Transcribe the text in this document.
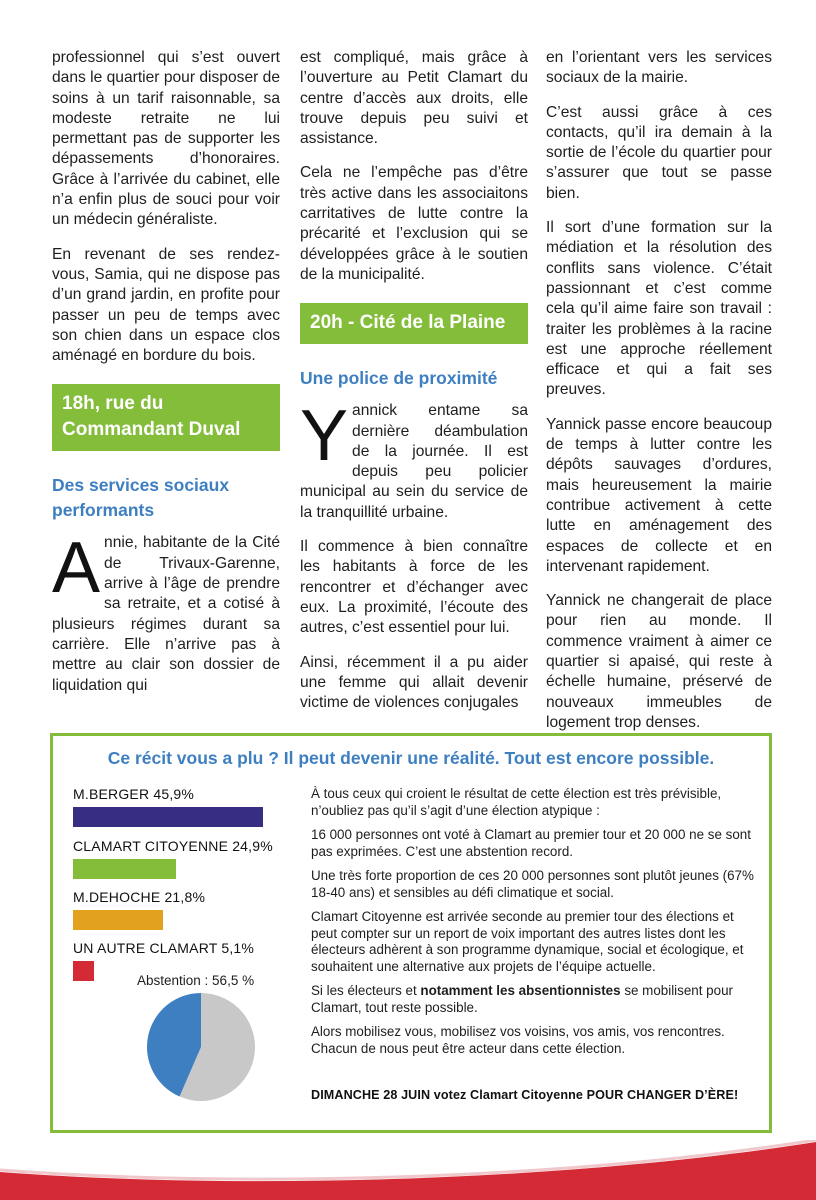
professionnel qui s’est ouvert dans le quartier pour disposer de soins à un tarif raisonnable, sa modeste retraite ne lui permettant pas de supporter les dépassements d’honoraires. Grâce à l’arrivée du cabinet, elle n’a enfin plus de souci pour voir un médecin généraliste.

En revenant de ses rendez-vous, Samia, qui ne dispose pas d’un grand jardin, en profite pour passer un peu de temps avec son chien dans un espace clos aménagé en bordure du bois.

18h, rue du Commandant Duval
Des services sociaux performants

Annie, habitante de la Cité de Trivaux-Garenne, arrive à l’âge de prendre sa retraite, et a cotisé à plusieurs régimes durant sa carrière. Elle n’arrive pas à mettre au clair son dossier de liquidation qui

est compliqué, mais grâce à l’ouverture au Petit Clamart du centre d’accès aux droits, elle trouve depuis peu suivi et assistance.

Cela ne l’empêche pas d’être très active dans les associaitons carritatives de lutte contre la précarité et l’exclusion qui se développées grâce à le soutien de la municipalité.

20h - Cité de la Plaine
Une police de proximité

Yannick entame sa dernière déambulation de la journée. Il est depuis peu policier municipal au sein du service de la tranquillité urbaine.

Il commence à bien connaître les habitants à force de les rencontrer et d’échanger avec eux. La proximité, l’écoute des autres, c’est essentiel pour lui.

Ainsi, récemment il a pu aider une femme qui allait devenir victime de violences conjugales

en l’orientant vers les services sociaux de la mairie.

C’est aussi grâce à ces contacts, qu’il ira demain à la sortie de l’école du quartier pour s’assurer que tout se passe bien.

Il sort d’une formation sur la médiation et la résolution des conflits sans violence. C’était passionnant et c’est comme cela qu’il aime faire son travail : traiter les problèmes à la racine est une approche réellement efficace et qui a fait ses preuves.

Yannick passe encore beaucoup de temps à lutter contre les dépôts sauvages d’ordures, mais heureusement la mairie contribue activement à cette lutte en aménagement des espaces de collecte et en intervenant rapidement.

Yannick ne changerait de place pour rien au monde. Il commence vraiment à aimer ce quartier si apaisé, qui reste à échelle humaine, préservé de nouveaux immeubles de logement trop denses.

Ce récit vous a plu ? Il peut devenir une réalité. Tout est encore possible.
M.BERGER 45,9%
CLAMART CITOYENNE 24,9%
M.DEHOCHE 21,8%
UN AUTRE CLAMART 5,1%
Abstention : 56,5 %

À tous ceux qui croient le résultat de cette élection est très prévisible, n’oubliez pas qu’il s’agit d’une élection atypique :

16 000 personnes ont voté à Clamart au premier tour et 20 000 ne se sont pas exprimées. C’est une abstention record.

Une très forte proportion de ces 20 000 personnes sont plutôt jeunes (67% 18-40 ans) et sensibles au défi climatique et social.

Clamart Citoyenne est arrivée seconde au premier tour des élections et peut compter sur un report de voix important des autres listes dont les électeurs adhèrent à son programme dynamique, social et écologique, et souhaitent une alternative aux projets de l’équipe actuelle.

Si les électeurs et notamment les absentionnistes se mobilisent pour Clamart, tout reste possible.

Alors mobilisez vous, mobilisez vos voisins, vos amis, vos rencontres. Chacun de nous peut être acteur dans cette élection.

DIMANCHE 28 JUIN votez Clamart Citoyenne POUR CHANGER D’ÈRE!
